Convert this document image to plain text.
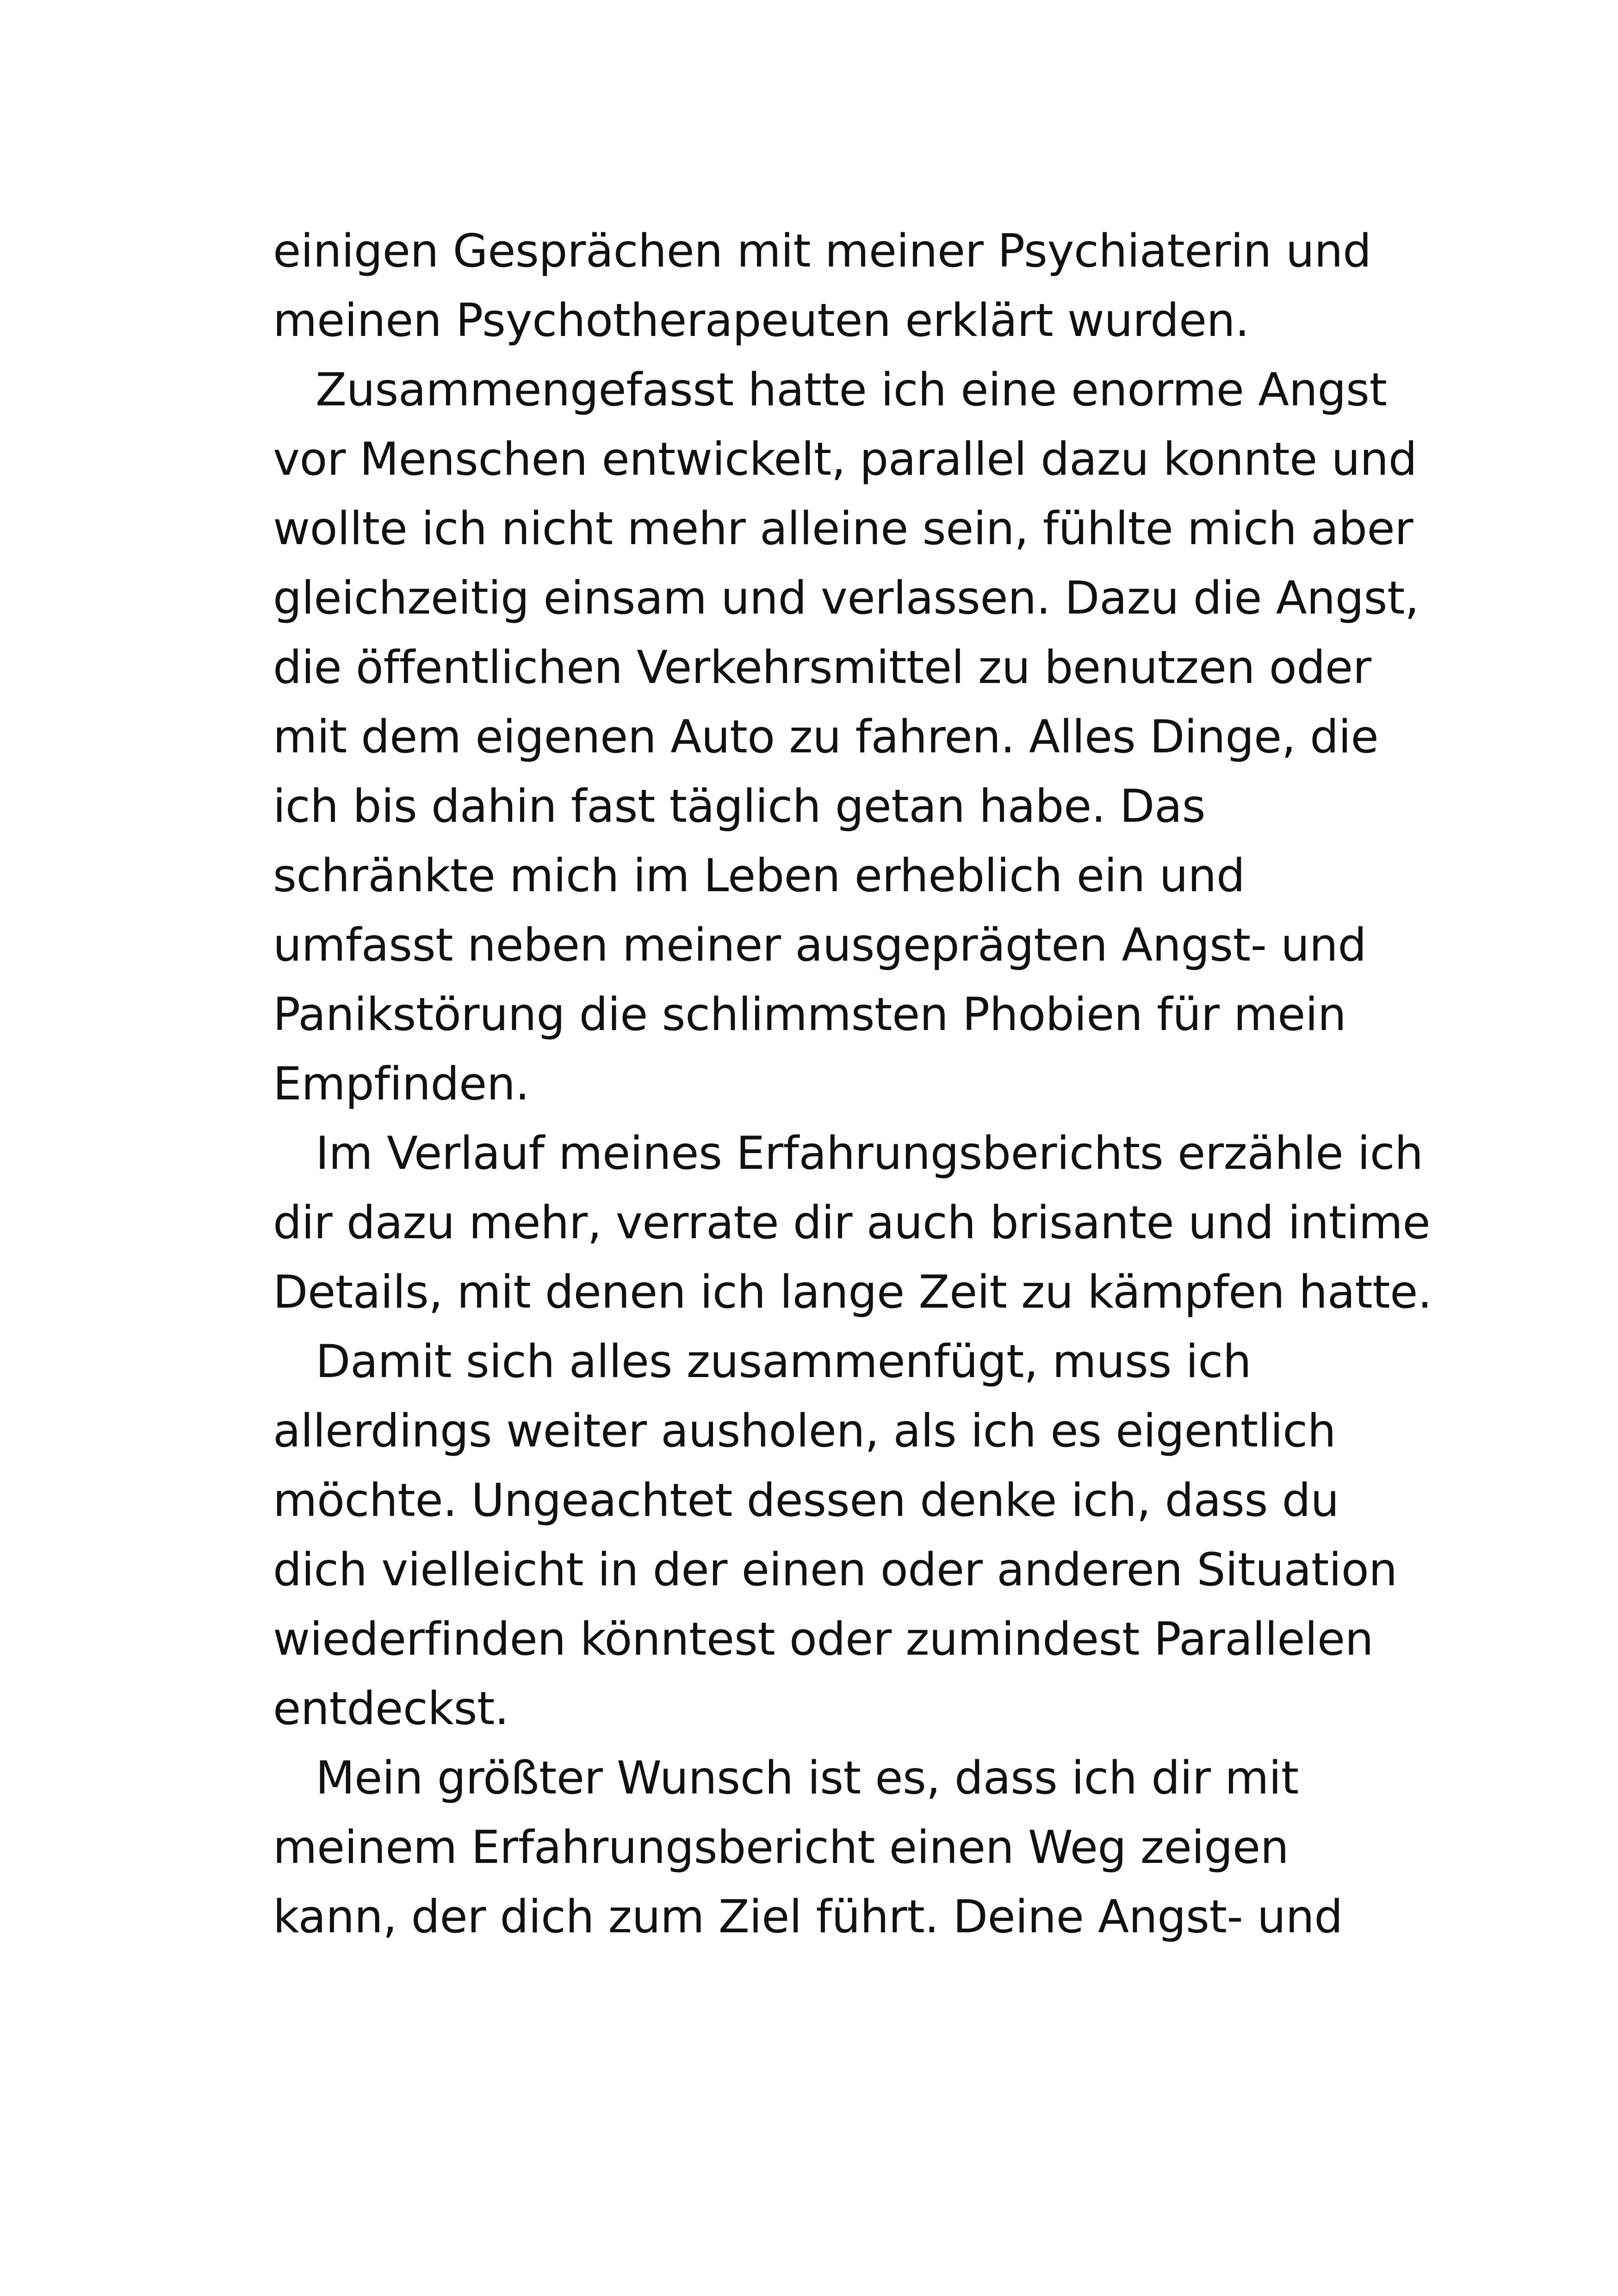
einigen Gesprächen mit meiner Psychiaterin und
meinen Psychotherapeuten erklärt wurden.
Zusammengefasst hatte ich eine enorme Angst
vor Menschen entwickelt, parallel dazu konnte und
wollte ich nicht mehr alleine sein, fühlte mich aber
gleichzeitig einsam und verlassen. Dazu die Angst,
die öffentlichen Verkehrsmittel zu benutzen oder
mit dem eigenen Auto zu fahren. Alles Dinge, die
ich bis dahin fast täglich getan habe. Das
schränkte mich im Leben erheblich ein und
umfasst neben meiner ausgeprägten Angst- und
Panikstörung die schlimmsten Phobien für mein
Empfinden.
Im Verlauf meines Erfahrungsberichts erzähle ich
dir dazu mehr, verrate dir auch brisante und intime
Details, mit denen ich lange Zeit zu kämpfen hatte.
Damit sich alles zusammenfügt, muss ich
allerdings weiter ausholen, als ich es eigentlich
möchte. Ungeachtet dessen denke ich, dass du
dich vielleicht in der einen oder anderen Situation
wiederfinden könntest oder zumindest Parallelen
entdeckst.
Mein größter Wunsch ist es, dass ich dir mit
meinem Erfahrungsbericht einen Weg zeigen
kann, der dich zum Ziel führt. Deine Angst- und
